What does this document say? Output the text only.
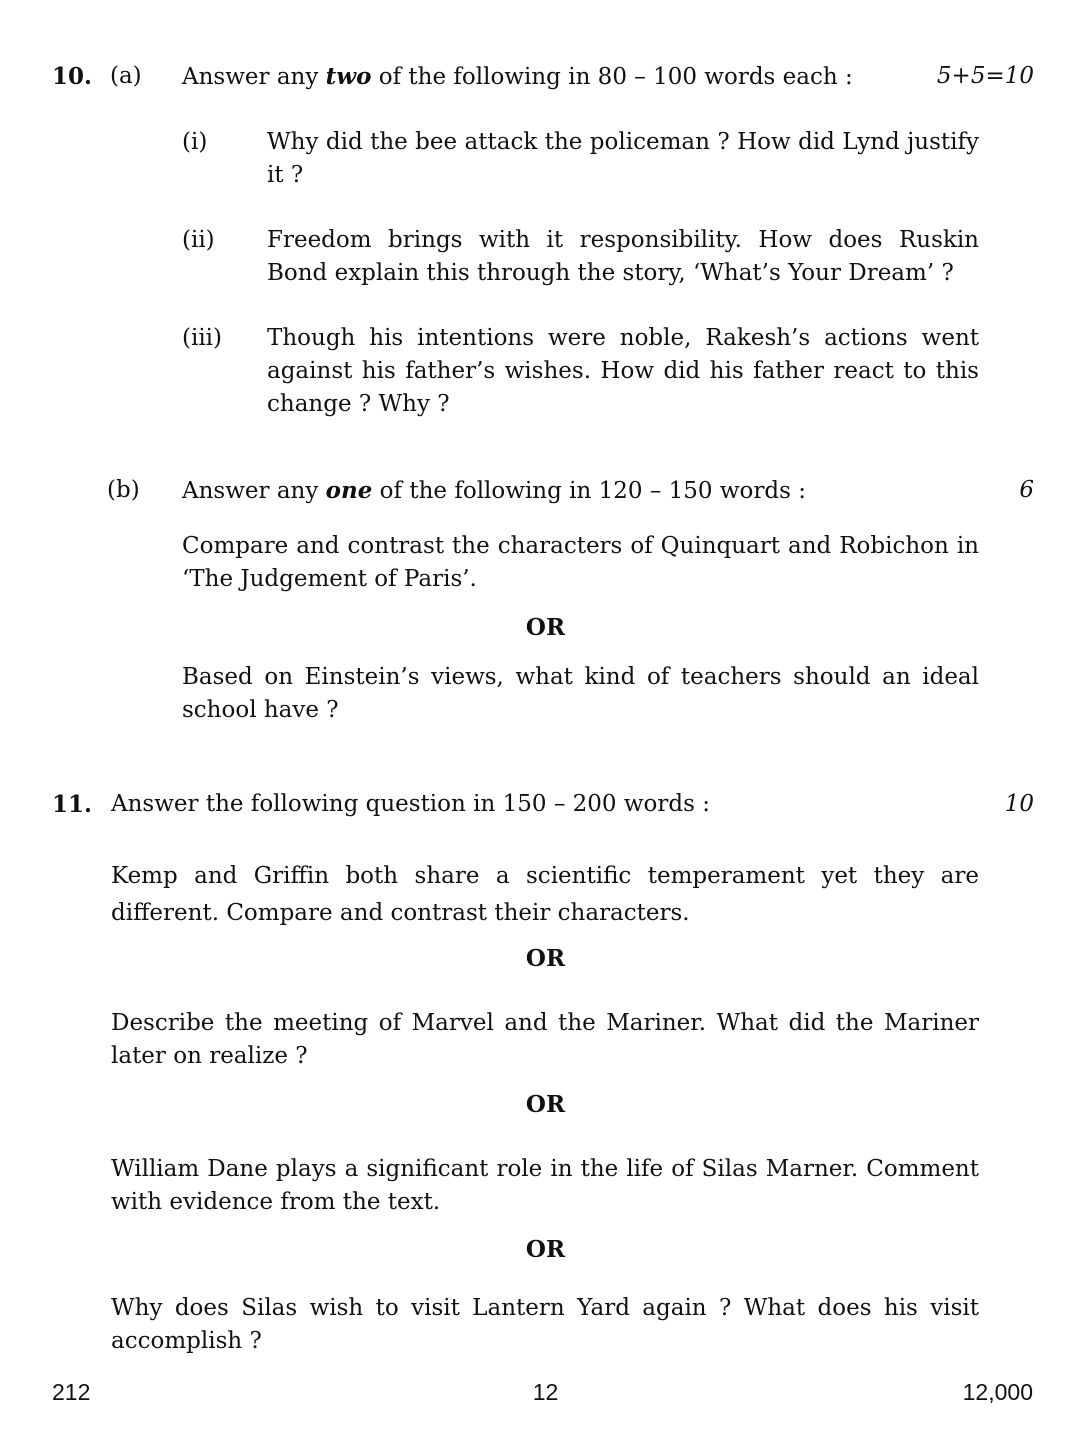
10. (a) Answer any two of the following in 80 – 100 words each :	5+5=10
(i)	Why did the bee attack the policeman ? How did Lynd justify it ?
(ii) Freedom brings with it responsibility. How does Ruskin Bond explain this through the story, ‘What’s Your Dream’ ?
(iii) Though his intentions were noble, Rakesh’s actions went against his father’s wishes. How did his father react to this change ? Why ?
(b) Answer any one of the following in 120 – 150 words :	6
Compare and contrast the characters of Quinquart and Robichon in ‘The Judgement of Paris’.
OR
Based on Einstein’s views, what kind of teachers should an ideal school have ?
11. Answer the following question in 150 – 200 words :	10
Kemp and Griffin both share a scientific temperament yet they are different. Compare and contrast their characters.
OR
Describe the meeting of Marvel and the Mariner. What did the Mariner later on realize ?
OR
William Dane plays a significant role in the life of Silas Marner. Comment with evidence from the text.
OR
Why does Silas wish to visit Lantern Yard again ? What does his visit accomplish ?
212	12	12,000
